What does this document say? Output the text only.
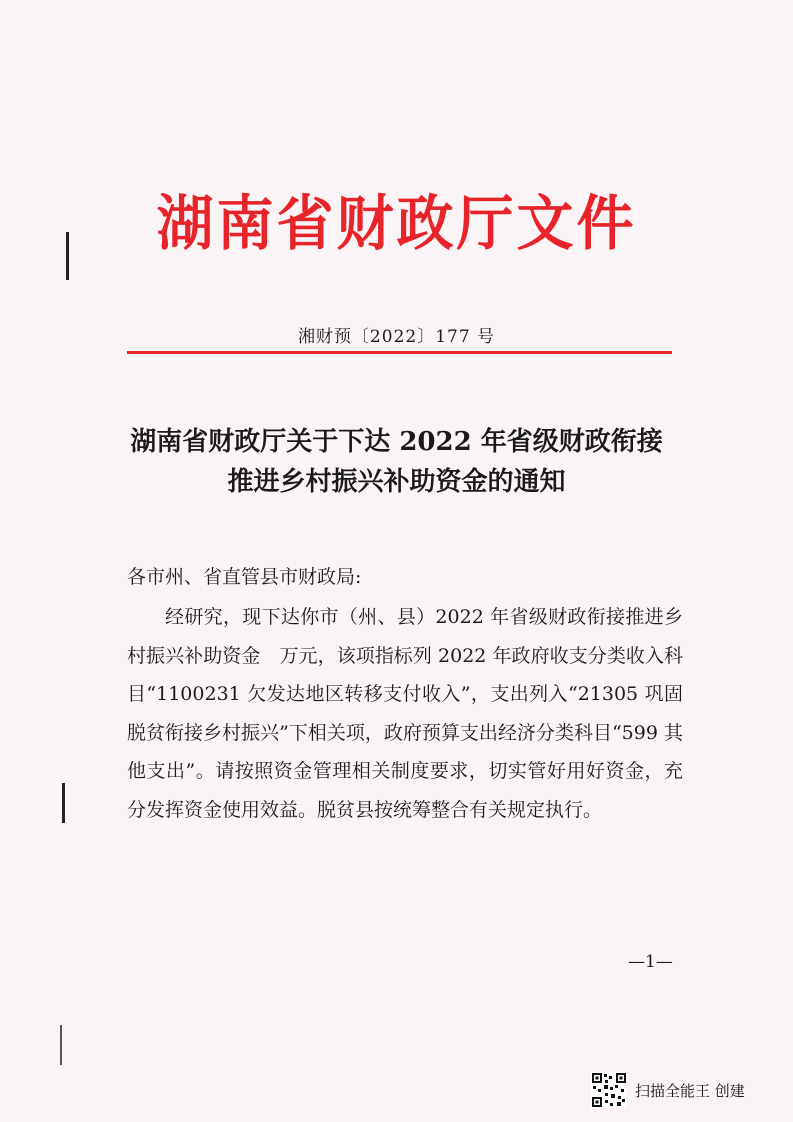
湖南省财政厅文件
湘财预〔2022〕177 号
湖南省财政厅关于下达 2022 年省级财政衔接
推进乡村振兴补助资金的通知
各市州、省直管县市财政局:

经研究，现下达你市（州、县）2022 年省级财政衔接推进乡村振兴补助资金　万元，该项指标列 2022 年政府收支分类收入科目“1100231 欠发达地区转移支付收入”，支出列入“21305 巩固脱贫衔接乡村振兴”下相关项，政府预算支出经济分类科目“599 其他支出”。请按照资金管理相关制度要求，切实管好用好资金，充分发挥资金使用效益。脱贫县按统筹整合有关规定执行。

—1—
扫描全能王 创建
